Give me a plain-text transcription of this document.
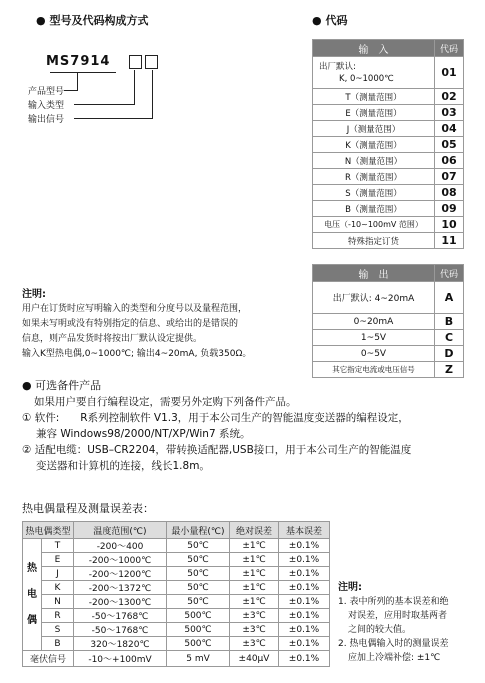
● 型号及代码构成方式
MS7914
产品型号
输入类型
输出信号
● 代码
输　入	代码

出厂默认:
K, 0~1000℃	01
T（测量范围）	02
E（测量范围）	03
J（测量范围）	04
K（测量范围）	05
N（测量范围）	06
R（测量范围）	07
S（测量范围）	08
B（测量范围）	09
电压（-10~100mV 范围）	10
特殊指定订货	11
输　出	代码
出厂默认: 4~20mA	A
0~20mA	B
1~5V	C
0~5V	D
其它指定电流或电压信号	Z
注明:
用户在订货时应写明输入的类型和分度号以及量程范围，
如果未写明或没有特别指定的信息、或给出的是错误的
信息，则产品发货时将按出厂默认设定提供。
输入K型热电偶,0~1000℃; 输出4~20mA, 负载350Ω。
● 可选备件产品
如果用户要自行编程设定，需要另外定购下列备件产品。
① 软件:　　R系列控制软件 V1.3，用于本公司生产的智能温度变送器的编程设定，
兼容 Windows98/2000/NT/XP/Win7 系统。
② 适配电缆：USB–CR2204，带转换适配器,USB接口，用于本公司生产的智能温度
变送器和计算机的连接，线长1.8m。
热电偶量程及测量误差表：
热电偶类型		温度范围(℃)	最小量程(℃)	绝对误差	基本误差

热
电
偶	T	-200～400	50℃	±1℃	±0.1%
	E	-200～1000℃	50℃	±1℃	±0.1%
	J	-200～1200℃	50℃	±1℃	±0.1%
	K	-200～1372℃	50℃	±1℃	±0.1%
	N	-200～1300℃	50℃	±1℃	±0.1%
	R	-50～1768℃	500℃	±3℃	±0.1%
	S	-50～1768℃	500℃	±3℃	±0.1%
	B	320～1820℃	500℃	±3℃	±0.1%
毫伏信号		-10～+100mV	5 mV	±40μV	±0.1%
注明:
1. 表中所列的基本误差和绝
对误差，应用时取基两者
之间的较大值。
2. 热电偶输入时的测量误差
应加上冷端补偿: ±1℃
